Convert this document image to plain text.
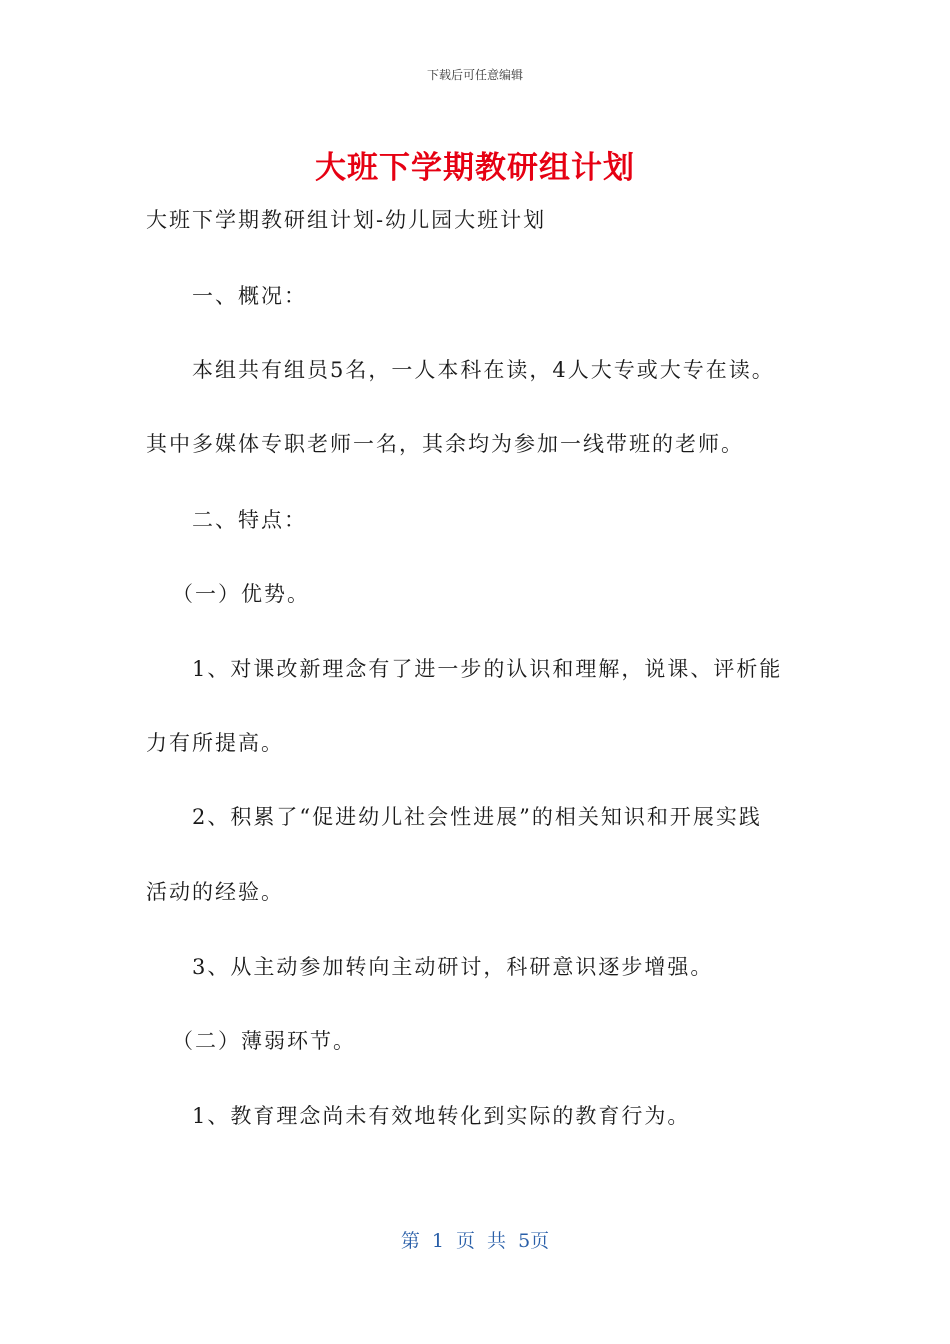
下载后可任意编辑
大班下学期教研组计划
大班下学期教研组计划-幼儿园大班计划
一、概况：
本组共有组员5名，一人本科在读，4人大专或大专在读。
其中多媒体专职老师一名，其余均为参加一线带班的老师。
二、特点：
（一）优势。
1、对课改新理念有了进一步的认识和理解，说课、评析能
力有所提高。
2、积累了“促进幼儿社会性进展”的相关知识和开展实践
活动的经验。
3、从主动参加转向主动研讨，科研意识逐步增强。
（二）薄弱环节。
1、教育理念尚未有效地转化到实际的教育行为。
第 1 页 共 5页
